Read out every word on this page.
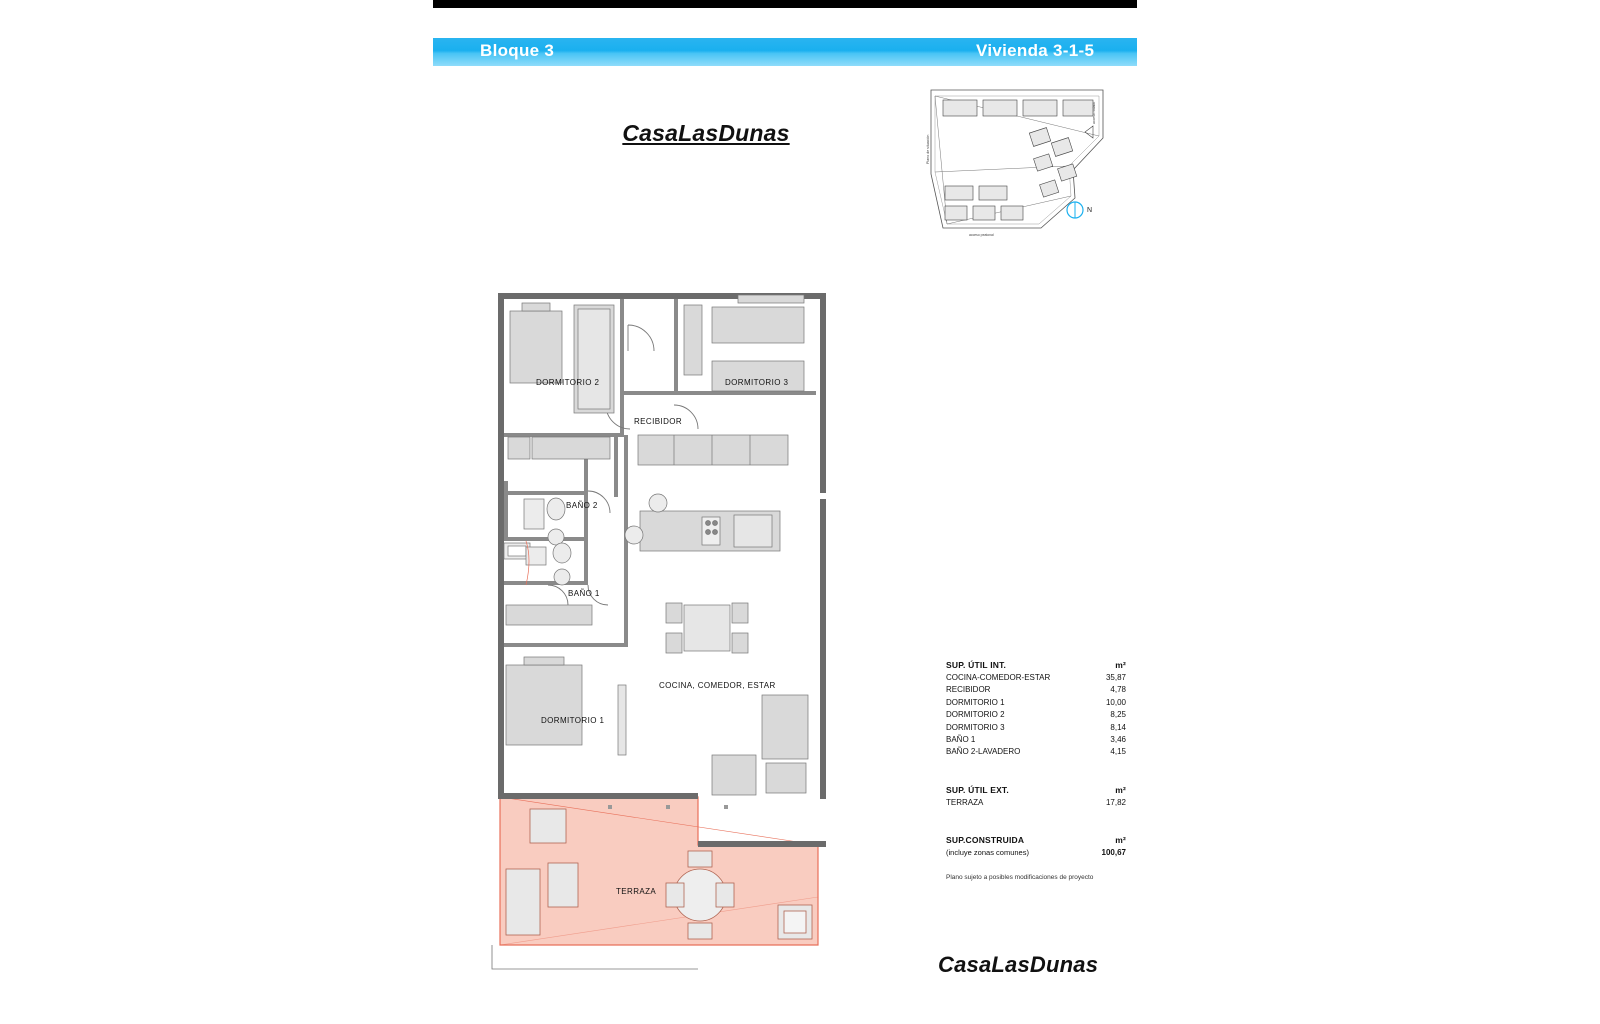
Bloque 3	Vivienda 3-1-5
CasaLasDunas
N
Plano de situación
acceso rodado
acceso peatonal
DORMITORIO 2	DORMITORIO 3
RECIBIDOR
BAÑO 2
BAÑO 1
COCINA, COMEDOR, ESTAR
DORMITORIO 1
TERRAZA
SUP. ÚTIL INT.	m²
COCINA-COMEDOR-ESTAR	35,87
RECIBIDOR	4,78
DORMITORIO 1	10,00
DORMITORIO 2	8,25
DORMITORIO 3	8,14
BAÑO 1	3,46
BAÑO 2-LAVADERO	4,15
SUP. ÚTIL EXT.	m²
TERRAZA	17,82
SUP.CONSTRUIDA	m²
(incluye zonas comunes)	100,67
Plano sujeto a posibles modificaciones de proyecto
CasaLasDunas
